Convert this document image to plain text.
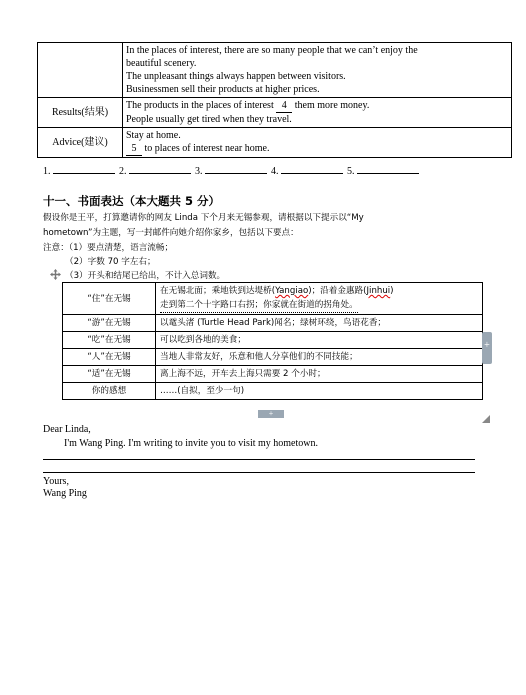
	In the places of interest, there are so many people that we can’t enjoy the
beautiful scenery.
The unpleasant things always happen between visitors.
Businessmen sell their products at higher prices.

Results(结果)	The products in the places of interest 4 them more money.
People usually get tired when they travel.

Advice(建议)	Stay at home.
5 to places of interest near home.
1.	2.	3.	4.	5.
十一、书面表达（本大题共 5 分）
假设你是王平，打算邀请你的网友 Linda 下个月来无锡参观，请根据以下提示以“My
hometown”为主题，写一封邮件向她介绍你家乡，包括以下要点：
注意：（1）要点清楚，语言流畅；
（2）字数 70 字左右；
（3）开头和结尾已给出，不计入总词数。
“住”在无锡	在无锡北面；乘地铁到达堤桥(Yangiao)；沿着金惠路(Jinhui)
走到第二个十字路口右拐；你家就在街道的拐角处。
“游”在无锡	以鼋头渚 (Turtle Head Park)闻名；绿树环绕，鸟语花香；
“吃”在无锡	可以吃到各地的美食；
“人”在无锡	当地人非常友好，乐意和他人分享他们的不同技能；
“适”在无锡	离上海不远，开车去上海只需要 2 个小时；
你的感想	……(自拟，至少一句)
+
+
Dear Linda,
I'm Wang Ping. I'm writing to invite you to visit my hometown.
Yours,
Wang Ping
